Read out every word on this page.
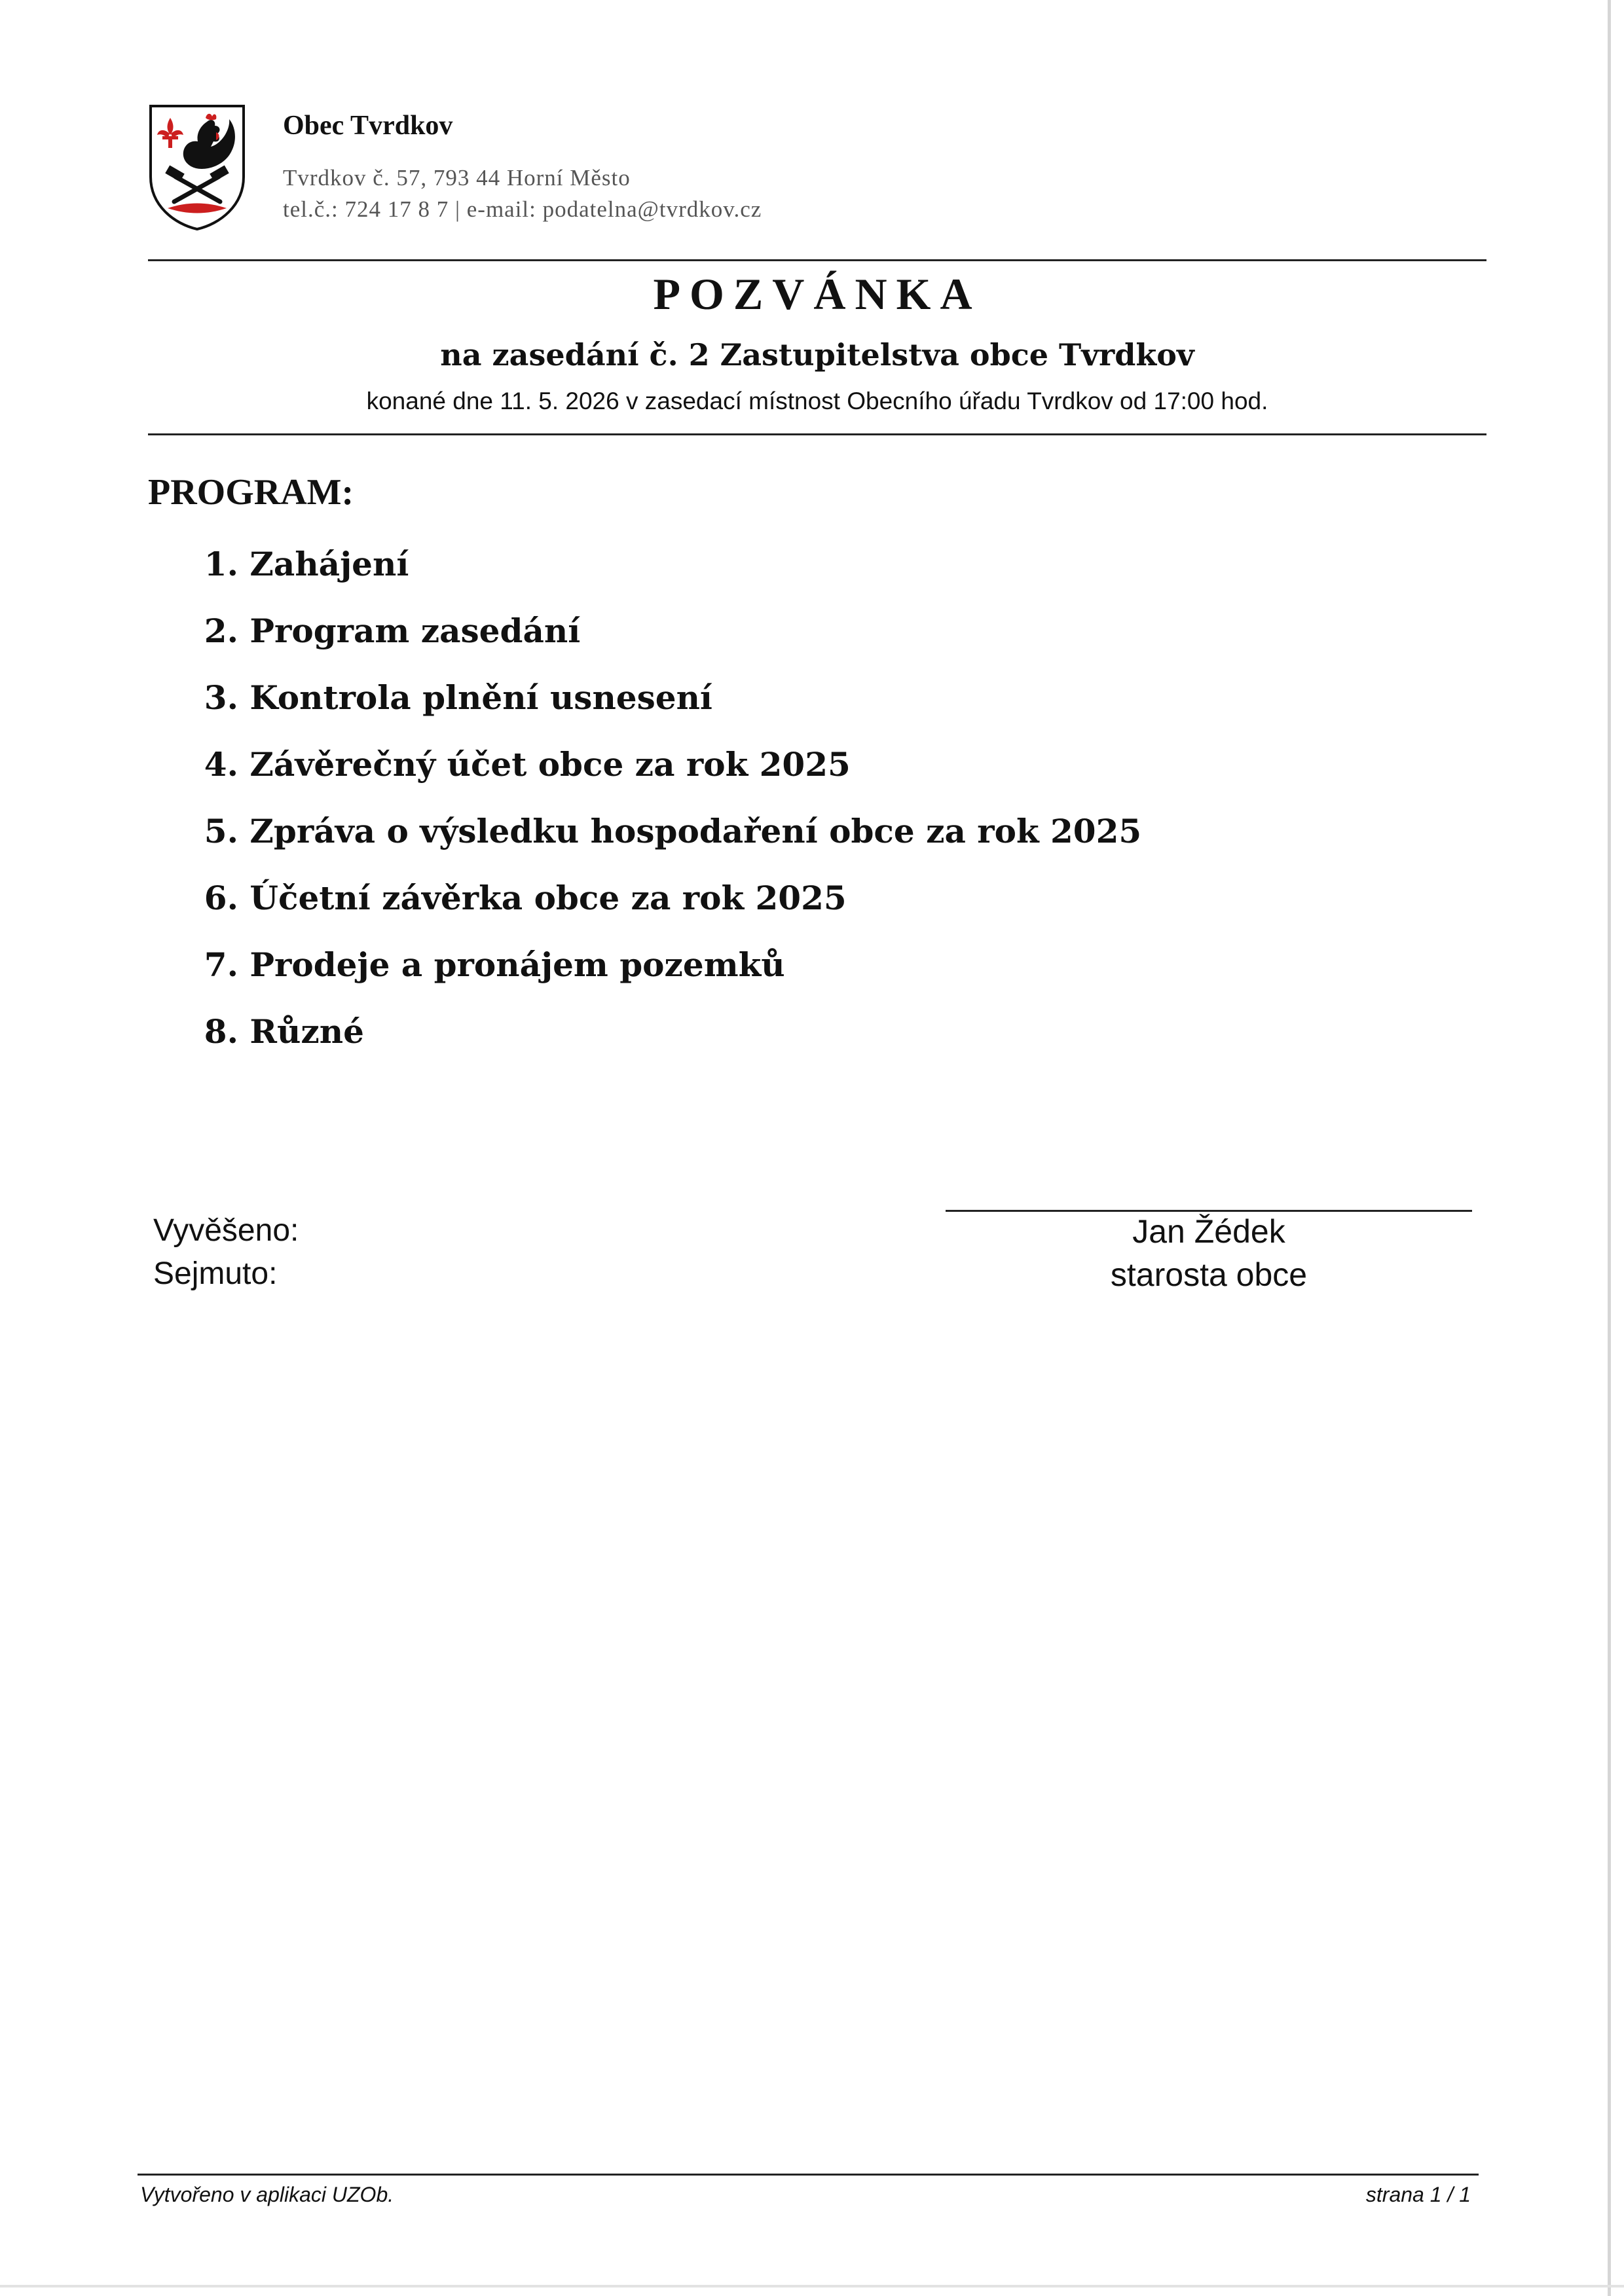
Obec Tvrdkov
Tvrdkov č. 57, 793 44 Horní Město
tel.č.: 724 17 8 7 | e-mail: podatelna@tvrdkov.cz
POZVÁNKA
na zasedání č. 2 Zastupitelstva obce Tvrdkov
konané dne 11. 5. 2026 v zasedací místnost Obecního úřadu Tvrdkov od 17:00 hod.
PROGRAM:
1.
Zahájení
2.
Program zasedání
3.
Kontrola plnění usnesení
4.
Závěrečný účet obce za rok 2025
5.
Zpráva o výsledku hospodaření obce za rok 2025
6.
Účetní závěrka obce za rok 2025
7.
Prodeje a pronájem pozemků
8.
Různé
Vyvěšeno:
Sejmuto:
Jan Žédek
starosta obce
Vytvořeno v aplikaci UZOb.	strana 1 / 1
